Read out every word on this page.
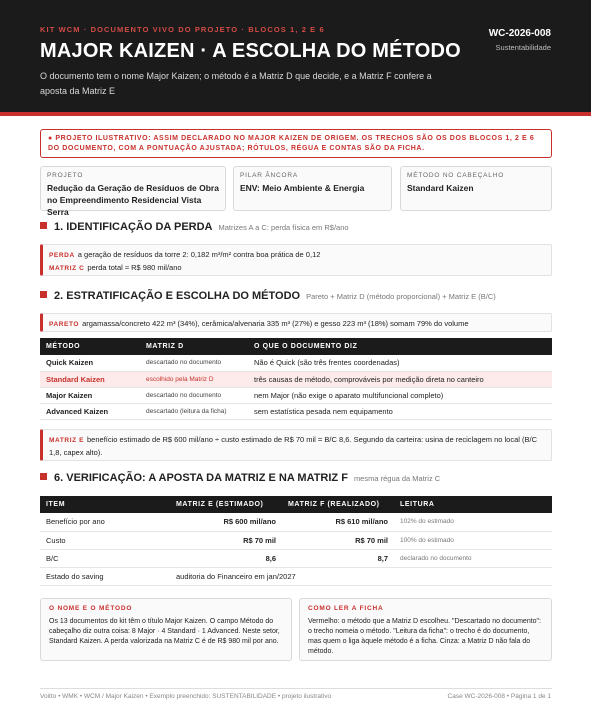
KIT WCM · DOCUMENTO VIVO DO PROJETO · BLOCOS 1, 2 E 6
MAJOR KAIZEN · A ESCOLHA DO MÉTODO
O documento tem o nome Major Kaizen; o método é a Matriz D que decide, e a Matriz F confere a aposta da Matriz E
WC-2026-008
Sustentabilidade
● PROJETO ILUSTRATIVO: ASSIM DECLARADO NO MAJOR KAIZEN DE ORIGEM. OS TRECHOS SÃO OS DOS BLOCOS 1, 2 E 6 DO DOCUMENTO, COM A PONTUAÇÃO AJUSTADA; RÓTULOS, RÉGUA E CONTAS SÃO DA FICHA.
PROJETO
Redução da Geração de Resíduos de Obra no Empreendimento Residencial Vista Serra
PILAR ÂNCORA
ENV: Meio Ambiente & Energia
MÉTODO NO CABEÇALHO
Standard Kaizen
1. IDENTIFICAÇÃO DA PERDA Matrizes A a C: perda física em R$/ano
PERDA a geração de resíduos da torre 2: 0,182 m³/m² contra boa prática de 0,12
MATRIZ C perda total ≈ R$ 980 mil/ano
2. ESTRATIFICAÇÃO E ESCOLHA DO MÉTODO Pareto + Matriz D (método proporcional) + Matriz E (B/C)
PARETO argamassa/concreto 422 m³ (34%), cerâmica/alvenaria 335 m³ (27%) e gesso 223 m³ (18%) somam 79% do volume
MÉTODO	MATRIZ D	O QUE O DOCUMENTO DIZ
Quick Kaizen	descartado no documento	Não é Quick (são três frentes coordenadas)
Standard Kaizen	escolhido pela Matriz D	três causas de método, comprováveis por medição direta no canteiro
Major Kaizen	descartado no documento	nem Major (não exige o aparato multifuncional completo)
Advanced Kaizen	descartado (leitura da ficha)	sem estatística pesada nem equipamento
MATRIZ E benefício estimado de R$ 600 mil/ano ÷ custo estimado de R$ 70 mil = B/C 8,6. Segundo da carteira: usina de reciclagem no local (B/C 1,8, capex alto).
6. VERIFICAÇÃO: A APOSTA DA MATRIZ E NA MATRIZ F mesma régua da Matriz C
ITEM	MATRIZ E (ESTIMADO)	MATRIZ F (REALIZADO)	LEITURA
Benefício por ano	R$ 600 mil/ano	R$ 610 mil/ano	102% do estimado
Custo	R$ 70 mil	R$ 70 mil	100% do estimado
B/C	8,6	8,7	declarado no documento
Estado do saving	auditoria do Financeiro em jan/2027		
O NOME E O MÉTODO
Os 13 documentos do kit têm o título Major Kaizen. O campo Método do cabeçalho diz outra coisa: 8 Major · 4 Standard · 1 Advanced. Neste setor, Standard Kaizen. A perda valorizada na Matriz C é de R$ 980 mil por ano.
COMO LER A FICHA
Vermelho: o método que a Matriz D escolheu. "Descartado no documento": o trecho nomeia o método. "Leitura da ficha": o trecho é do documento, mas quem o liga àquele método é a ficha. Cinza: a Matriz D não fala do método.
Voitto • WMK • WCM / Major Kaizen • Exemplo preenchido: SUSTENTABILIDADE • projeto ilustrativo	Case WC-2026-008 • Página 1 de 1
